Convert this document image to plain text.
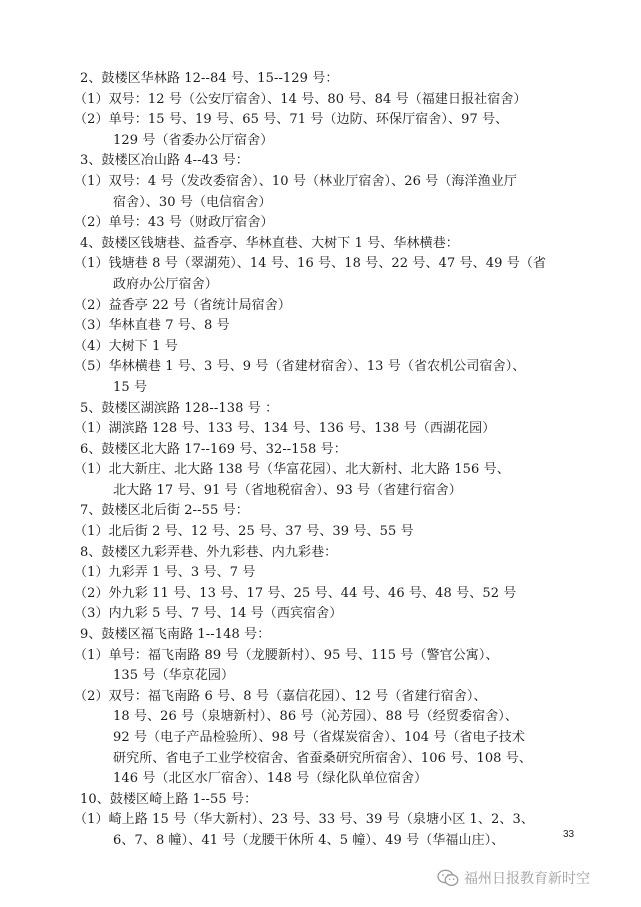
2、鼓楼区华林路 12--84 号、15--129 号：
（1）双号：12 号（公安厅宿舍）、14 号、80 号、84 号（福建日报社宿舍）
（2）单号：15 号、19 号、65 号、71 号（边防、环保厅宿舍）、97 号、
129 号（省委办公厅宿舍）
3、鼓楼区冶山路 4--43 号：
（1）双号：4 号（发改委宿舍）、10 号（林业厅宿舍）、26 号（海洋渔业厅
宿舍）、30 号（电信宿舍）
（2）单号：43 号（财政厅宿舍）
4、鼓楼区钱塘巷、益香亭、华林直巷、大树下 1 号、华林横巷：
（1）钱塘巷 8 号（翠湖苑）、14 号、16 号、18 号、22 号、47 号、49 号（省
政府办公厅宿舍）
（2）益香亭 22 号（省统计局宿舍）
（3）华林直巷 7 号、8 号
（4）大树下 1 号
（5）华林横巷 1 号、3 号、9 号（省建材宿舍）、13 号（省农机公司宿舍）、
15 号
5、鼓楼区湖滨路 128--138 号 ：
（1）湖滨路 128 号、133 号、134 号、136 号、138 号（西湖花园）
6、鼓楼区北大路 17--169 号、32--158 号：
（1）北大新庄、北大路 138 号（华富花园）、北大新村、北大路 156 号、
北大路 17 号、91 号（省地税宿舍）、93 号（省建行宿舍）
7、鼓楼区北后街 2--55 号：
（1）北后街 2 号、12 号、25 号、37 号、39 号、55 号
8、鼓楼区九彩弄巷、外九彩巷、内九彩巷：
（1）九彩弄 1 号、3 号、7 号
（2）外九彩 11 号、13 号、17 号、25 号、44 号、46 号、48 号、52 号
（3）内九彩 5 号、7 号、14 号（西宾宿舍）
9、鼓楼区福飞南路 1--148 号：
（1）单号：福飞南路 89 号（龙腰新村）、95 号、115 号（警官公寓）、
135 号（华京花园）
（2）双号：福飞南路 6 号、8 号（嘉信花园）、12 号（省建行宿舍）、
18 号、26 号（泉塘新村）、86 号（沁芳园）、88 号（经贸委宿舍）、
92 号（电子产品检验所）、98 号（省煤炭宿舍）、104 号（省电子技术
研究所、省电子工业学校宿舍、省蚕桑研究所宿舍）、106 号、108 号、
146 号（北区水厂宿舍）、148 号（绿化队单位宿舍）
10、鼓楼区崎上路 1--55 号：
（1）崎上路 15 号（华大新村）、23 号、33 号、39 号（泉塘小区 1、2、3、
6、7、8 幢）、41 号（龙腰干休所 4、5 幢）、49 号（华福山庄）、	33
福州日报教育新时空
